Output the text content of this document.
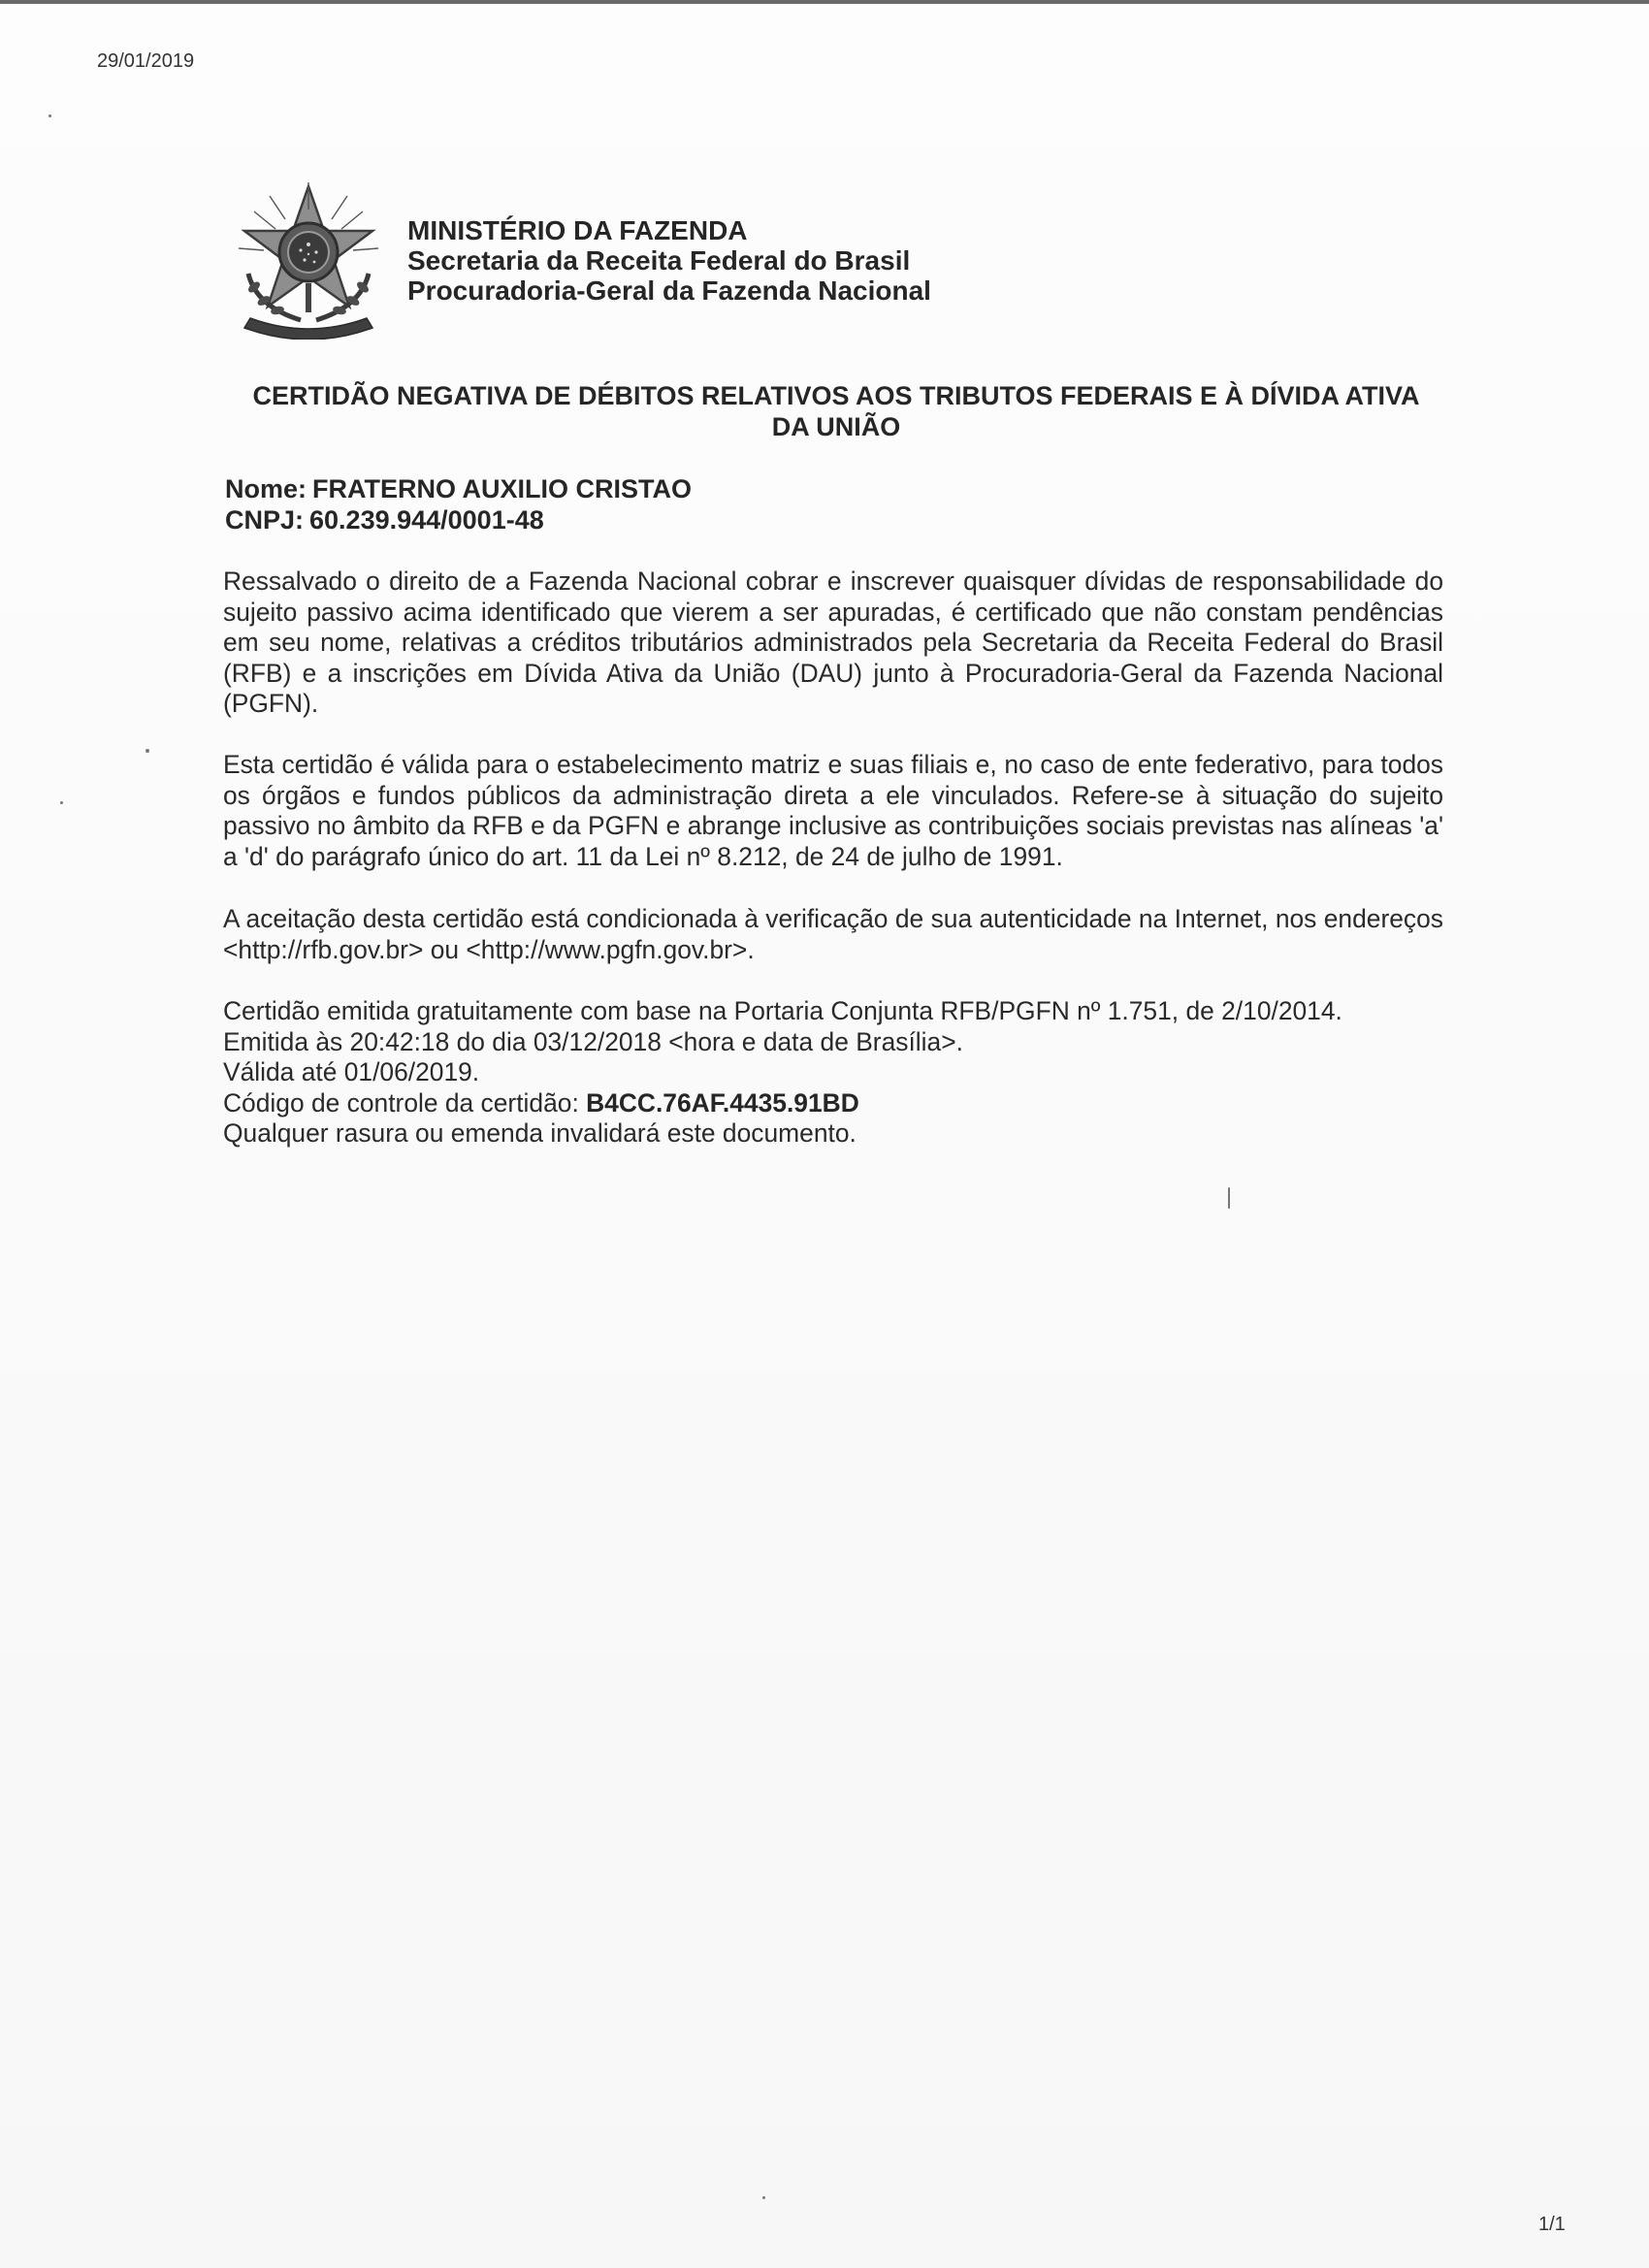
29/01/2019
MINISTÉRIO DA FAZENDA
Secretaria da Receita Federal do Brasil
Procuradoria-Geral da Fazenda Nacional
CERTIDÃO NEGATIVA DE DÉBITOS RELATIVOS AOS TRIBUTOS FEDERAIS E À DÍVIDA ATIVA
DA UNIÃO
Nome: FRATERNO AUXILIO CRISTAO
CNPJ: 60.239.944/0001-48
Ressalvado o direito de a Fazenda Nacional cobrar e inscrever quaisquer dívidas de responsabilidade do sujeito passivo acima identificado que vierem a ser apuradas, é certificado que não constam pendências em seu nome, relativas a créditos tributários administrados pela Secretaria da Receita Federal do Brasil (RFB) e a inscrições em Dívida Ativa da União (DAU) junto à Procuradoria-Geral da Fazenda Nacional (PGFN).
Esta certidão é válida para o estabelecimento matriz e suas filiais e, no caso de ente federativo, para todos os órgãos e fundos públicos da administração direta a ele vinculados. Refere-se à situação do sujeito passivo no âmbito da RFB e da PGFN e abrange inclusive as contribuições sociais previstas nas alíneas 'a' a 'd' do parágrafo único do art. 11 da Lei nº 8.212, de 24 de julho de 1991.
A aceitação desta certidão está condicionada à verificação de sua autenticidade na Internet, nos endereços <http://rfb.gov.br> ou <http://www.pgfn.gov.br>.
Certidão emitida gratuitamente com base na Portaria Conjunta RFB/PGFN nº 1.751, de 2/10/2014.
Emitida às 20:42:18 do dia 03/12/2018 <hora e data de Brasília>.
Válida até 01/06/2019.
Código de controle da certidão: B4CC.76AF.4435.91BD
Qualquer rasura ou emenda invalidará este documento.
1/1
